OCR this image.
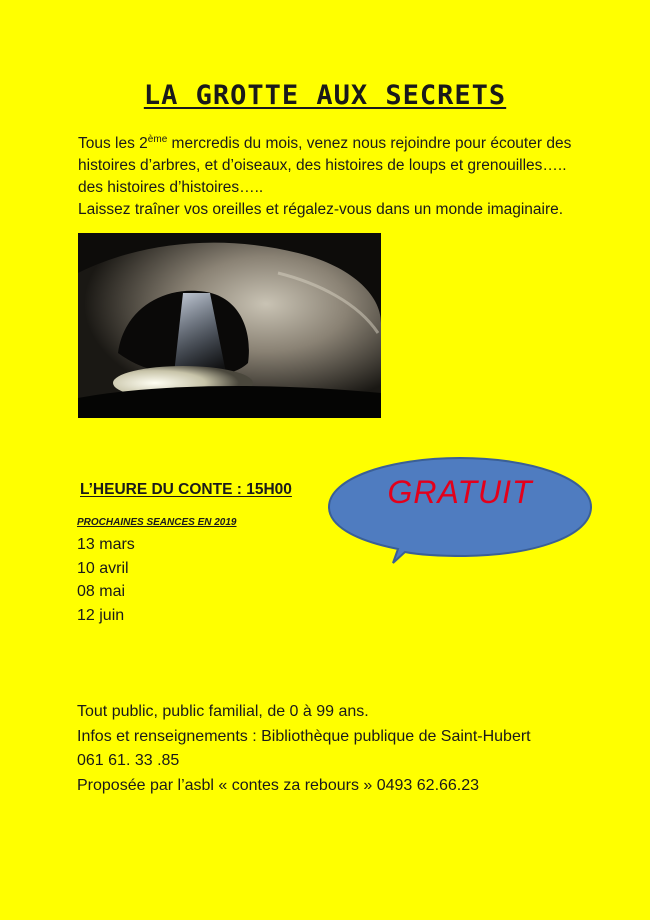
LA GROTTE AUX SECRETS
Tous les 2ème mercredis du mois, venez nous rejoindre pour écouter des
histoires d’arbres, et d’oiseaux, des histoires de loups et grenouilles…..
des histoires d’histoires…..
Laissez traîner vos oreilles et régalez-vous dans un monde imaginaire.
L’HEURE DU CONTE : 15H00
PROCHAINES SEANCES EN 2019
13 mars
10 avril
08 mai
12 juin
GRATUIT
Tout public, public familial, de 0 à 99 ans.
Infos et renseignements : Bibliothèque publique de Saint-Hubert
061 61. 33 .85
Proposée par l’asbl « contes za rebours » 0493 62.66.23
